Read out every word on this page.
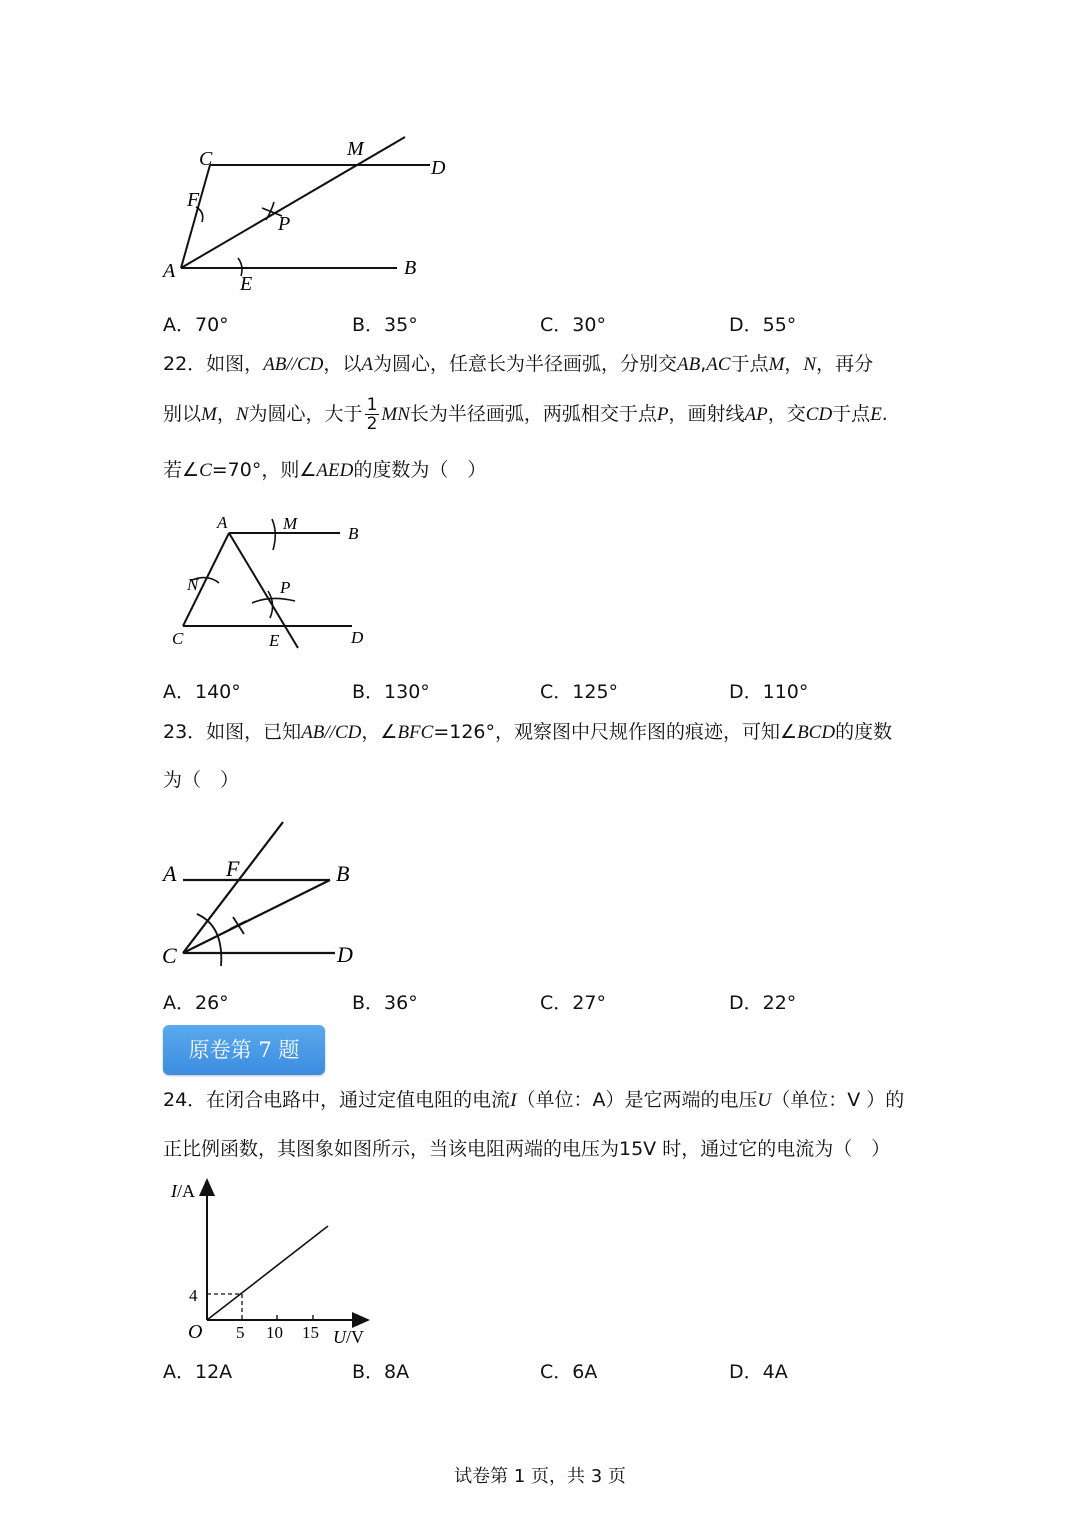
C	M
D
F
P
A
E
B
A．70°	B．35°	C．30°	D．55°
22．如图，AB//CD，以A为圆心，任意长为半径画弧，分别交AB,AC于点M，N，再分
别以M，N为圆心，大于 $\frac{1}{2}$ MN长为半径画弧，两弧相交于点P，画射线AP，交CD于点E.
若∠C=70°，则∠AED的度数为（　）
A	M
B
N	P
C	E	D
A．140°	B．130°	C．125°	D．110°
23．如图，已知AB//CD，∠BFC=126°，观察图中尺规作图的痕迹，可知∠BCD的度数
为（　）
A F	B
C	D
A．26°	B．36°	C．27°	D．22°
原卷第 7 题
24．在闭合电路中，通过定值电阻的电流I（单位：A）是它两端的电压U（单位：V ）的
正比例函数，其图象如图所示，当该电阻两端的电压为15V 时，通过它的电流为（　）
I/A
U/V
O
4
5 10 15
A．12A	B．8A	C．6A	D．4A
试卷第 1 页，共 3 页
